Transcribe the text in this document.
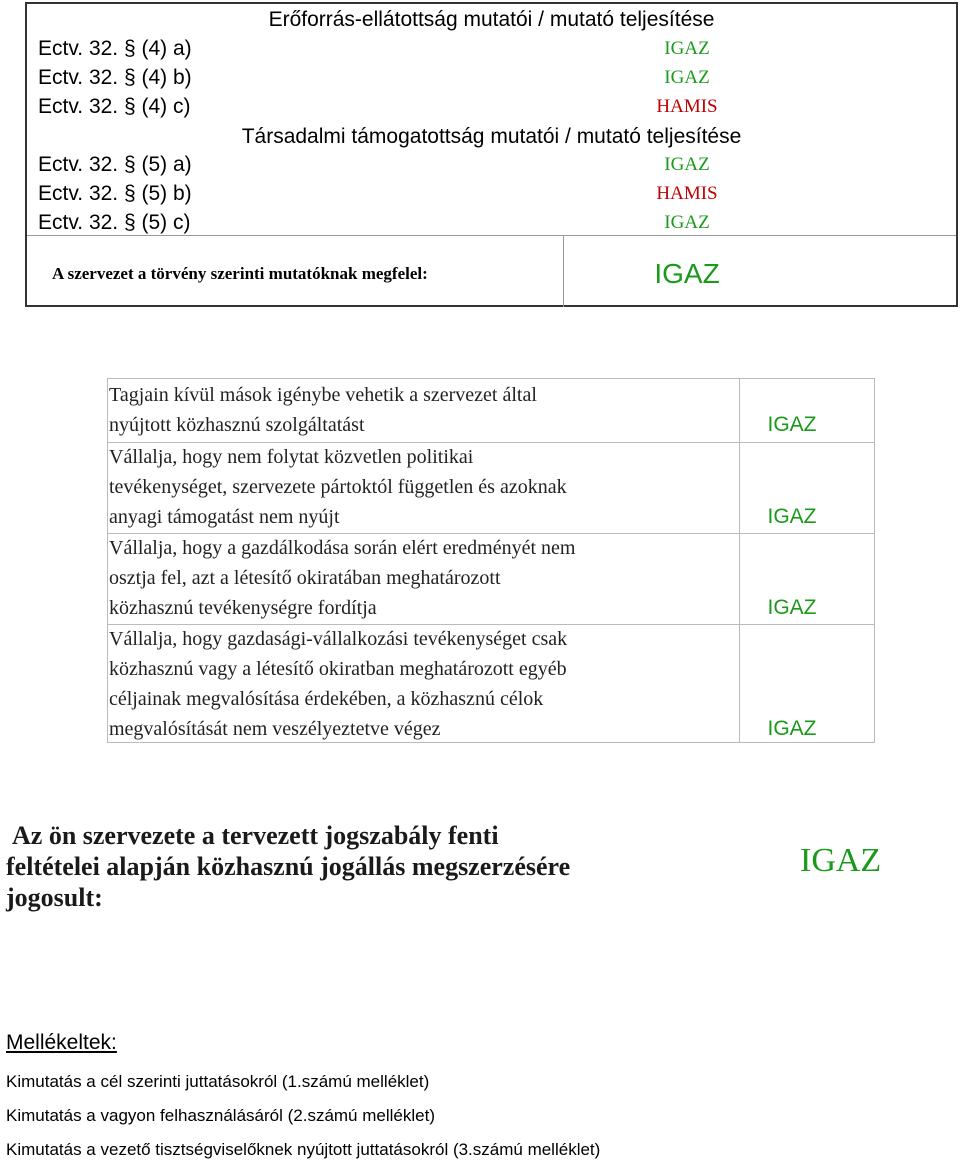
Erőforrás-ellátottság mutatói / mutató teljesítése
Ectv. 32. § (4) a)	IGAZ
Ectv. 32. § (4) b)	IGAZ
Ectv. 32. § (4) c)	HAMIS
Társadalmi támogatottság mutatói / mutató teljesítése
Ectv. 32. § (5) a)	IGAZ
Ectv. 32. § (5) b)	HAMIS
Ectv. 32. § (5) c)	IGAZ
A szervezet a törvény szerinti mutatóknak megfelel:	IGAZ
Tagjain kívül mások igénybe vehetik a szervezet által
nyújtott közhasznú szolgáltatást	IGAZ
Vállalja, hogy nem folytat közvetlen politikai
tevékenységet, szervezete pártoktól független és azoknak
anyagi támogatást nem nyújt	IGAZ
Vállalja, hogy a gazdálkodása során elért eredményét nem
osztja fel, azt a létesítő okiratában meghatározott
közhasznú tevékenységre fordítja	IGAZ
Vállalja, hogy gazdasági-vállalkozási tevékenységet csak
közhasznú vagy a létesítő okiratban meghatározott egyéb
céljainak megvalósítása érdekében, a közhasznú célok
megvalósítását nem veszélyeztetve végez	IGAZ
Az ön szervezete a tervezett jogszabály fenti
feltételei alapján közhasznú jogállás megszerzésére
jogosult:
IGAZ
Mellékeltek:
Kimutatás a cél szerinti juttatásokról (1.számú melléklet)
Kimutatás a vagyon felhasználásáról (2.számú melléklet)
Kimutatás a vezető tisztségviselőknek nyújtott juttatásokról (3.számú melléklet)
